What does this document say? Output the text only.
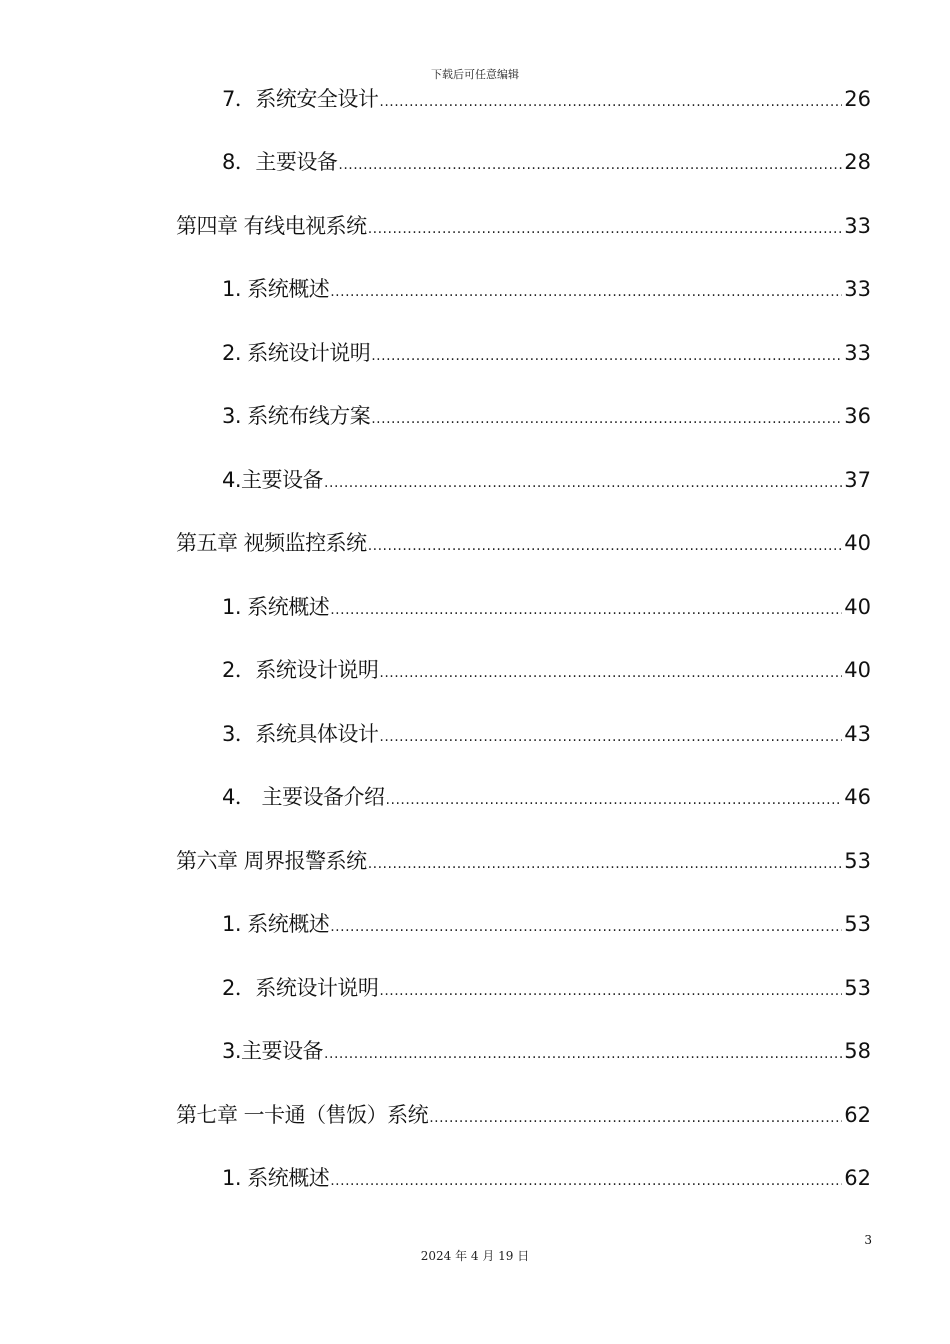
下载后可任意编辑
7．系统安全设计 .....	26
8．主要设备 .....	28
第四章 有线电视系统 .....	33
1. 系统概述 .....	33
2. 系统设计说明 .....	33
3. 系统布线方案 .....	36
4.主要设备 .....	37
第五章 视频监控系统 .....	40
1. 系统概述 .....	40
2．系统设计说明 .....	40
3．系统具体设计 .....	43
4． 主要设备介绍 .....	46
第六章 周界报警系统 .....	53
1. 系统概述 .....	53
2．系统设计说明 .....	53
3.主要设备 .....	58
第七章 一卡通（售饭）系统 .....	62
1. 系统概述 .....	62
3
2024 年 4 月 19 日
